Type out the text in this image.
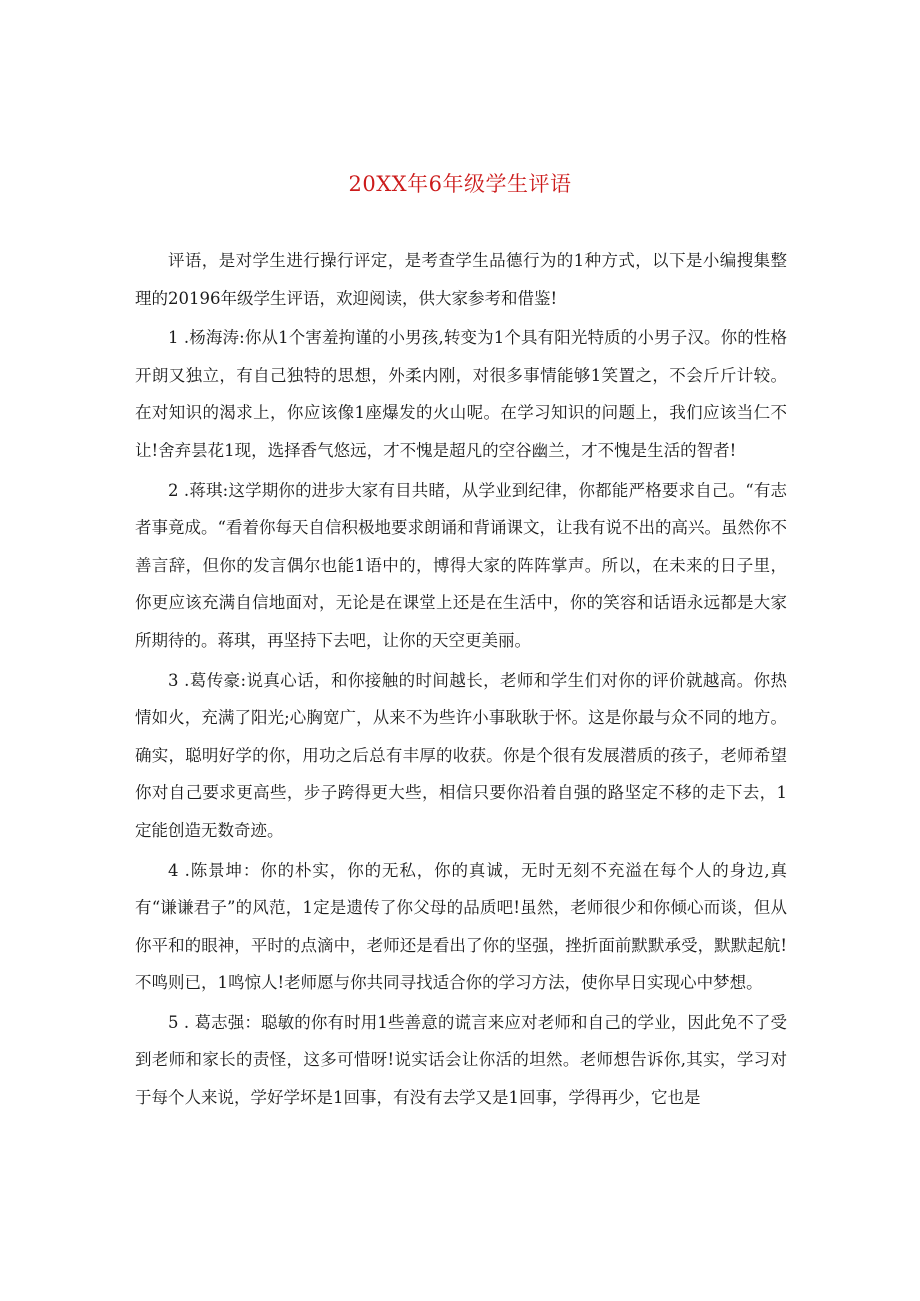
20XX年6年级学生评语

评语，是对学生进行操行评定，是考查学生品德行为的1种方式，以下是小编搜集整理的20196年级学生评语，欢迎阅读，供大家参考和借鉴!

1 .杨海涛:你从1个害羞拘谨的小男孩,转变为1个具有阳光特质的小男子汉。你的性格开朗又独立，有自己独特的思想，外柔内刚，对很多事情能够1笑置之，不会斤斤计较。在对知识的渴求上，你应该像1座爆发的火山呢。在学习知识的问题上，我们应该当仁不让!舍弃昙花1现，选择香气悠远，才不愧是超凡的空谷幽兰，才不愧是生活的智者!

2 .蒋琪:这学期你的进步大家有目共睹，从学业到纪律，你都能严格要求自己。“有志者事竟成。“看着你每天自信积极地要求朗诵和背诵课文，让我有说不出的高兴。虽然你不善言辞，但你的发言偶尔也能1语中的，博得大家的阵阵掌声。所以，在未来的日子里，你更应该充满自信地面对，无论是在课堂上还是在生活中，你的笑容和话语永远都是大家所期待的。蒋琪，再坚持下去吧，让你的天空更美丽。

3 .葛传豪:说真心话，和你接触的时间越长，老师和学生们对你的评价就越高。你热情如火，充满了阳光;心胸宽广，从来不为些许小事耿耿于怀。这是你最与众不同的地方。确实，聪明好学的你，用功之后总有丰厚的收获。你是个很有发展潜质的孩子，老师希望你对自己要求更高些，步子跨得更大些，相信只要你沿着自强的路坚定不移的走下去，1定能创造无数奇迹。

4 .陈景坤：你的朴实，你的无私，你的真诚，无时无刻不充溢在每个人的身边,真有“谦谦君子”的风范，1定是遗传了你父母的品质吧!虽然，老师很少和你倾心而谈，但从你平和的眼神，平时的点滴中，老师还是看出了你的坚强，挫折面前默默承受，默默起航!不鸣则已，1鸣惊人!老师愿与你共同寻找适合你的学习方法，使你早日实现心中梦想。

5 . 葛志强：聪敏的你有时用1些善意的谎言来应对老师和自己的学业，因此免不了受到老师和家长的责怪，这多可惜呀!说实话会让你活的坦然。老师想告诉你,其实，学习对于每个人来说，学好学坏是1回事，有没有去学又是1回事，学得再少，它也是
